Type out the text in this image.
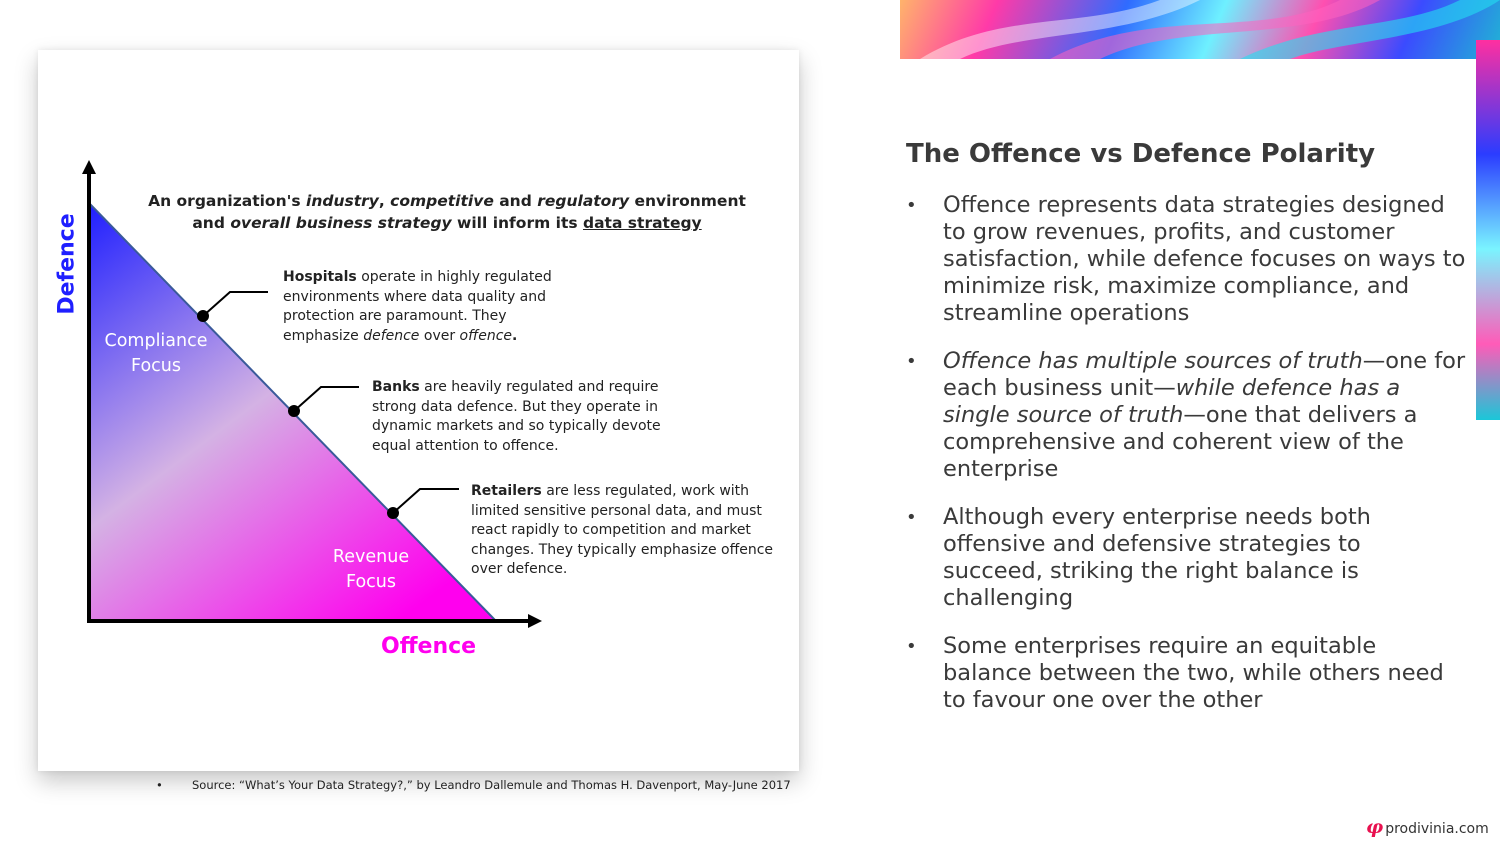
An organization's industry, competitive and regulatory environment
and overall business strategy will inform its data strategy
Defence
Offence
Compliance Focus
Revenue Focus
Hospitals operate in highly regulated environments where data quality and protection are paramount. They emphasize defence over offence.
Banks are heavily regulated and require strong data defence. But they operate in dynamic markets and so typically devote equal attention to offence.
Retailers are less regulated, work with limited sensitive personal data, and must react rapidly to competition and market changes. They typically emphasize offence over defence.
•	Source: “What’s Your Data Strategy?,” by Leandro Dallemule and Thomas H. Davenport, May-June 2017
The Offence vs Defence Polarity
• Offence represents data strategies designed to grow revenues, profits, and customer satisfaction, while defence focuses on ways to minimize risk, maximize compliance, and streamline operations
• Offence has multiple sources of truth—one for each business unit—while defence has a single source of truth—one that delivers a comprehensive and coherent view of the enterprise
• Although every enterprise needs both offensive and defensive strategies to succeed, striking the right balance is challenging
• Some enterprises require an equitable balance between the two, while others need to favour one over the other
φ prodivinia.com
